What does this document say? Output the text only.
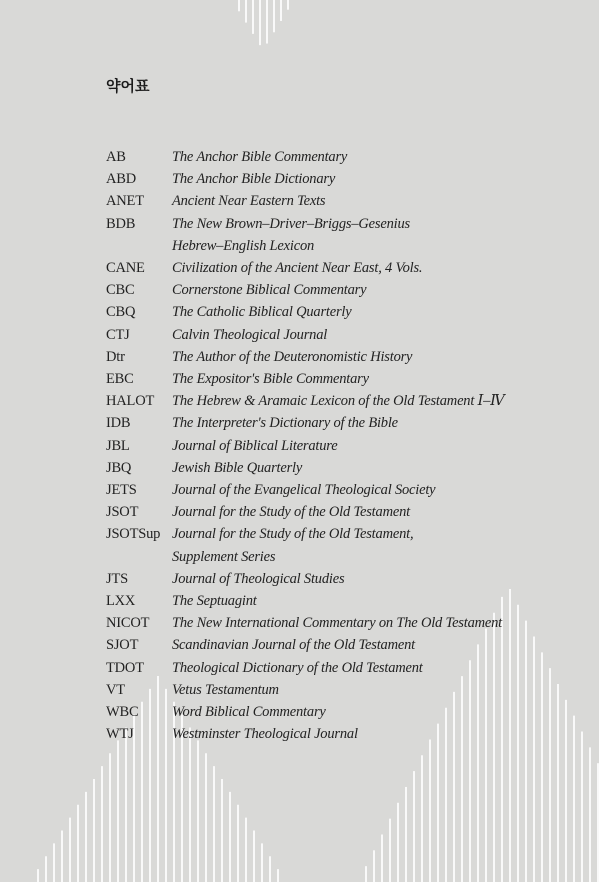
약어표
AB	The Anchor Bible Commentary
ABD	The Anchor Bible Dictionary
ANET	Ancient Near Eastern Texts
BDB	The New Brown–Driver–Briggs–Gesenius
Hebrew–English Lexicon
CANE	Civilization of the Ancient Near East, 4 Vols.
CBC	Cornerstone Biblical Commentary
CBQ	The Catholic Biblical Quarterly
CTJ	Calvin Theological Journal
Dtr	The Author of the Deuteronomistic History
EBC	The Expositor's Bible Commentary
HALOT	The Hebrew & Aramaic Lexicon of the Old Testament Ⅰ–Ⅳ
IDB	The Interpreter's Dictionary of the Bible
JBL	Journal of Biblical Literature
JBQ	Jewish Bible Quarterly
JETS	Journal of the Evangelical Theological Society
JSOT	Journal for the Study of the Old Testament
JSOTSup Journal for the Study of the Old Testament,
Supplement Series
JTS	Journal of Theological Studies
LXX	The Septuagint
NICOT	The New International Commentary on The Old Testament
SJOT	Scandinavian Journal of the Old Testament
TDOT	Theological Dictionary of the Old Testament
VT	Vetus Testamentum
WBC	Word Biblical Commentary
WTJ	Westminster Theological Journal
